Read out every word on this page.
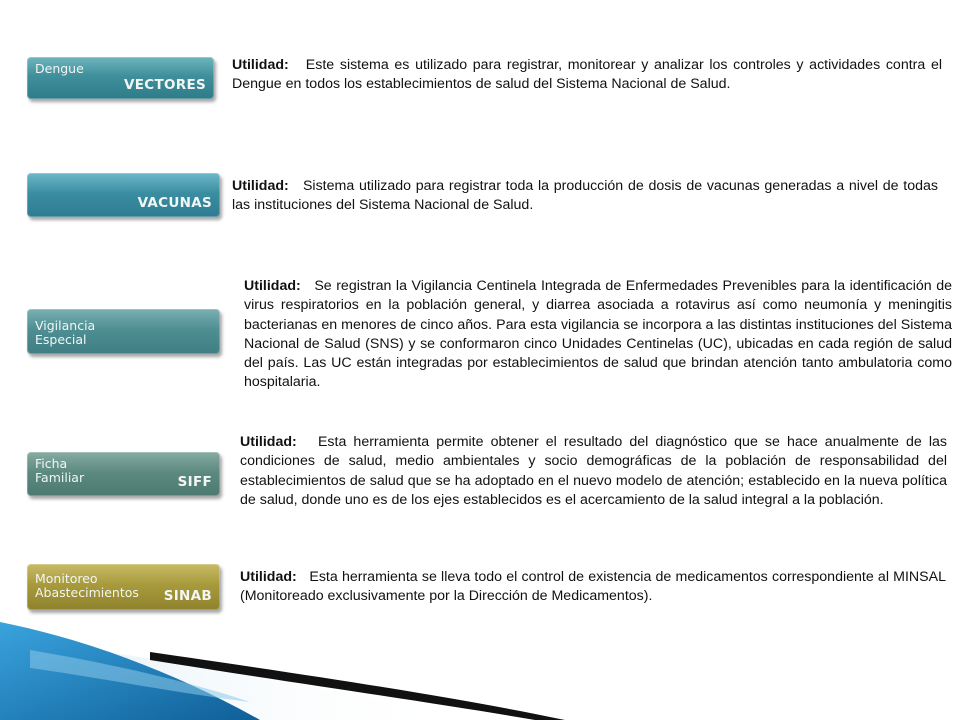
Dengue
VECTORES
Utilidad: Este sistema es utilizado para registrar, monitorear y analizar los controles y actividades contra el Dengue en todos los establecimientos de salud del Sistema Nacional de Salud.
VACUNAS
Utilidad: Sistema utilizado para registrar toda la producción de dosis de vacunas generadas a nivel de todas las instituciones del Sistema Nacional de Salud.
Vigilancia
Especial
Utilidad: Se registran la Vigilancia Centinela Integrada de Enfermedades Prevenibles para la identificación de virus respiratorios en la población general, y diarrea asociada a rotavirus así como neumonía y meningitis bacterianas en menores de cinco años. Para esta vigilancia se incorpora a las distintas instituciones del Sistema Nacional de Salud (SNS) y se conformaron cinco Unidades Centinelas (UC), ubicadas en cada región de salud del país. Las UC están integradas por establecimientos de salud que brindan atención tanto ambulatoria como hospitalaria.
Ficha
Familiar	SIFF
Utilidad: Esta herramienta permite obtener el resultado del diagnóstico que se hace anualmente de las condiciones de salud, medio ambientales y socio demográficas de la población de responsabilidad del establecimientos de salud que se ha adoptado en el nuevo modelo de atención; establecido en la nueva política de salud, donde uno es de los ejes establecidos es el acercamiento de la salud integral a la población.
Monitoreo
Abastecimientos SINAB
Utilidad: Esta herramienta se lleva todo el control de existencia de medicamentos correspondiente al MINSAL (Monitoreado exclusivamente por la Dirección de Medicamentos).
